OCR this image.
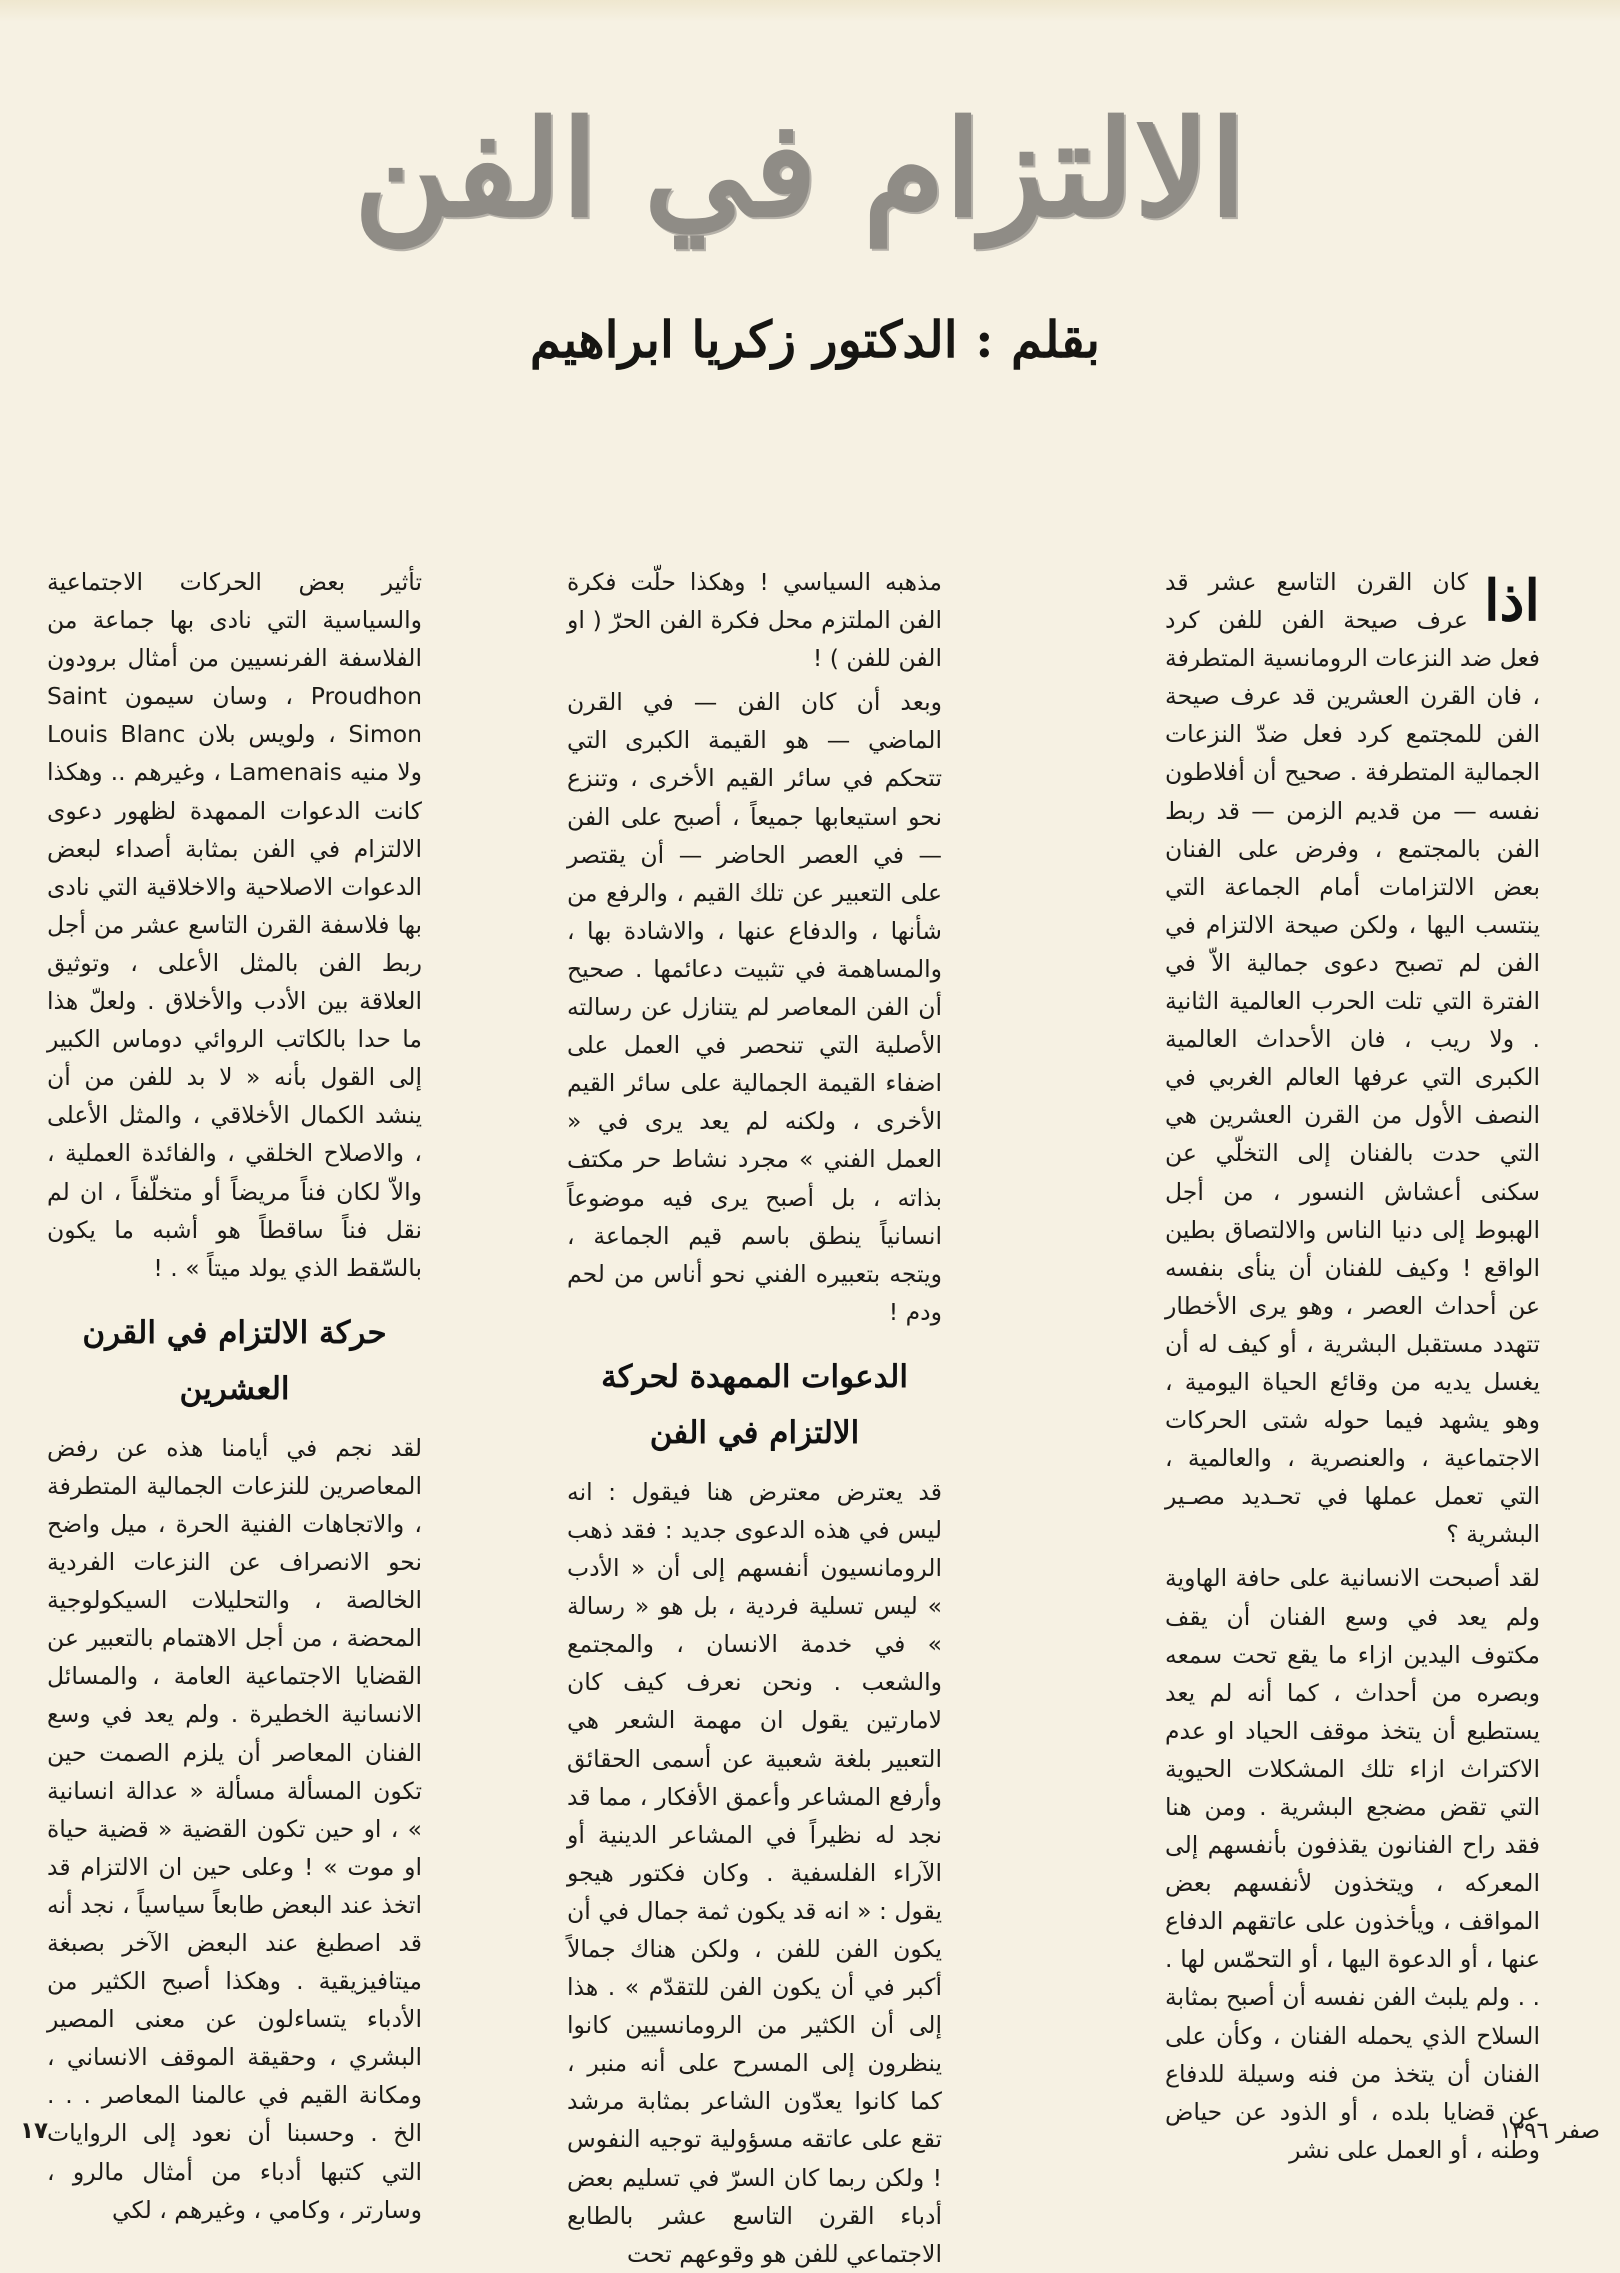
الالتزام في الفن
بقلم : الدكتور زكريا ابراهيم
اذا

كان القرن التاسع عشر قد عرف صيحة الفن للفن كرد فعل ضد النزعات الرومانسية المتطرفة ، فان القرن العشرين قد عرف صيحة الفن للمجتمع كرد فعل ضدّ النزعات الجمالية المتطرفة . صحيح أن أفلاطون نفسه — من قديم الزمن — قد ربط الفن بالمجتمع ، وفرض على الفنان بعض الالتزامات أمام الجماعة التي ينتسب اليها ، ولكن صيحة الالتزام في الفن لم تصبح دعوى جمالية الاّ في الفترة التي تلت الحرب العالمية الثانية . ولا ريب ، فان الأحداث العالمية الكبرى التي عرفها العالم الغربي في النصف الأول من القرن العشرين هي التي حدت بالفنان إلى التخلّي عن سكنى أعشاش النسور ، من أجل الهبوط إلى دنيا الناس والالتصاق بطين الواقع ! وكيف للفنان أن ينأى بنفسه عن أحداث العصر ، وهو يرى الأخطار تتهدد مستقبل البشرية ، أو كيف له أن يغسل يديه من وقائع الحياة اليومية ، وهو يشهد فيما حوله شتى الحركات الاجتماعية ، والعنصرية ، والعالمية ، التي تعمل عملها في تحـديد مصـير البشرية ؟

لقد أصبحت الانسانية على حافة الهاوية ولم يعد في وسع الفنان أن يقف مكتوف اليدين ازاء ما يقع تحت سمعه وبصره من أحداث ، كما أنه لم يعد يستطيع أن يتخذ موقف الحياد او عدم الاكتراث ازاء تلك المشكلات الحيوية التي تقض مضجع البشرية . ومن هنا فقد راح الفنانون يقذفون بأنفسهم إلى المعركه ، ويتخذون لأنفسهم بعض المواقف ، ويأخذون على عاتقهم الدفاع عنها ، أو الدعوة اليها ، أو التحمّس لها . . . ولم يلبث الفن نفسه أن أصبح بمثابة السلاح الذي يحمله الفنان ، وكأن على الفنان أن يتخذ من فنه وسيلة للدفاع عن قضايا بلده ، أو الذود عن حياض وطنه ، أو العمل على نشر

مذهبه السياسي ! وهكذا حلّت فكرة الفن الملتزم محل فكرة الفن الحرّ ( او الفن للفن ) !

وبعد أن كان الفن — في القرن الماضي — هو القيمة الكبرى التي تتحكم في سائر القيم الأخرى ، وتنزع نحو استيعابها جميعاً ، أصبح على الفن — في العصر الحاضر — أن يقتصر على التعبير عن تلك القيم ، والرفع من شأنها ، والدفاع عنها ، والاشادة بها ، والمساهمة في تثبيت دعائمها . صحيح أن الفن المعاصر لم يتنازل عن رسالته الأصلية التي تنحصر في العمل على اضفاء القيمة الجمالية على سائر القيم الأخرى ، ولكنه لم يعد يرى في « العمل الفني » مجرد نشاط حر مكتف بذاته ، بل أصبح يرى فيه موضوعاً انسانياً ينطق باسم قيم الجماعة ، ويتجه بتعبيره الفني نحو أناس من لحم ودم !

الدعوات الممهدة لحركة الالتزام في الفن

قد يعترض معترض هنا فيقول : انه ليس في هذه الدعوى جديد : فقد ذهب الرومانسيون أنفسهم إلى أن « الأدب » ليس تسلية فردية ، بل هو « رسالة » في خدمة الانسان ، والمجتمع والشعب . ونحن نعرف كيف كان لامارتين يقول ان مهمة الشعر هي التعبير بلغة شعبية عن أسمى الحقائق وأرفع المشاعر وأعمق الأفكار ، مما قد نجد له نظيراً في المشاعر الدينية أو الآراء الفلسفية . وكان فكتور هيجو يقول : « انه قد يكون ثمة جمال في أن يكون الفن للفن ، ولكن هناك جمالاً أكبر في أن يكون الفن للتقدّم » . هذا إلى أن الكثير من الرومانسيين كانوا ينظرون إلى المسرح على أنه منبر ، كما كانوا يعدّون الشاعر بمثابة مرشد تقع على عاتقه مسؤولية توجيه النفوس ! ولكن ربما كان السرّ في تسليم بعض أدباء القرن التاسع عشر بالطابع الاجتماعي للفن هو وقوعهم تحت

تأثير بعض الحركات الاجتماعية والسياسية التي نادى بها جماعة من الفلاسفة الفرنسيين من أمثال برودون Proudhon ، وسان سيمون Saint Simon ، ولويس بلان Louis Blanc ولا منيه Lamenais ، وغيرهم .. وهكذا كانت الدعوات الممهدة لظهور دعوى الالتزام في الفن بمثابة أصداء لبعض الدعوات الاصلاحية والاخلاقية التي نادى بها فلاسفة القرن التاسع عشر من أجل ربط الفن بالمثل الأعلى ، وتوثيق العلاقة بين الأدب والأخلاق . ولعلّ هذا ما حدا بالكاتب الروائي دوماس الكبير إلى القول بأنه « لا بد للفن من أن ينشد الكمال الأخلاقي ، والمثل الأعلى ، والاصلاح الخلقي ، والفائدة العملية ، والاّ لكان فناً مريضاً أو متخلّفاً ، ان لم نقل فناً ساقطاً هو أشبه ما يكون بالسّقط الذي يولد ميتاً » . !

حركة الالتزام في القرن العشرين

لقد نجم في أيامنا هذه عن رفض المعاصرين للنزعات الجمالية المتطرفة ، والاتجاهات الفنية الحرة ، ميل واضح نحو الانصراف عن النزعات الفردية الخالصة ، والتحليلات السيكولوجية المحضة ، من أجل الاهتمام بالتعبير عن القضايا الاجتماعية العامة ، والمسائل الانسانية الخطيرة . ولم يعد في وسع الفنان المعاصر أن يلزم الصمت حين تكون المسألة مسألة « عدالة انسانية » ، او حين تكون القضية « قضية حياة او موت » ! وعلى حين ان الالتزام قد اتخذ عند البعض طابعاً سياسياً ، نجد أنه قد اصطبغ عند البعض الآخر بصبغة ميتافيزيقية . وهكذا أصبح الكثير من الأدباء يتساءلون عن معنى المصير البشري ، وحقيقة الموقف الانساني ، ومكانة القيم في عالمنا المعاصر . . . الخ . وحسبنا أن نعود إلى الروايات التي كتبها أدباء من أمثال مالرو ، وسارتر ، وكامي ، وغيرهم ، لكي

١٧	صفر ١٣٩٦
